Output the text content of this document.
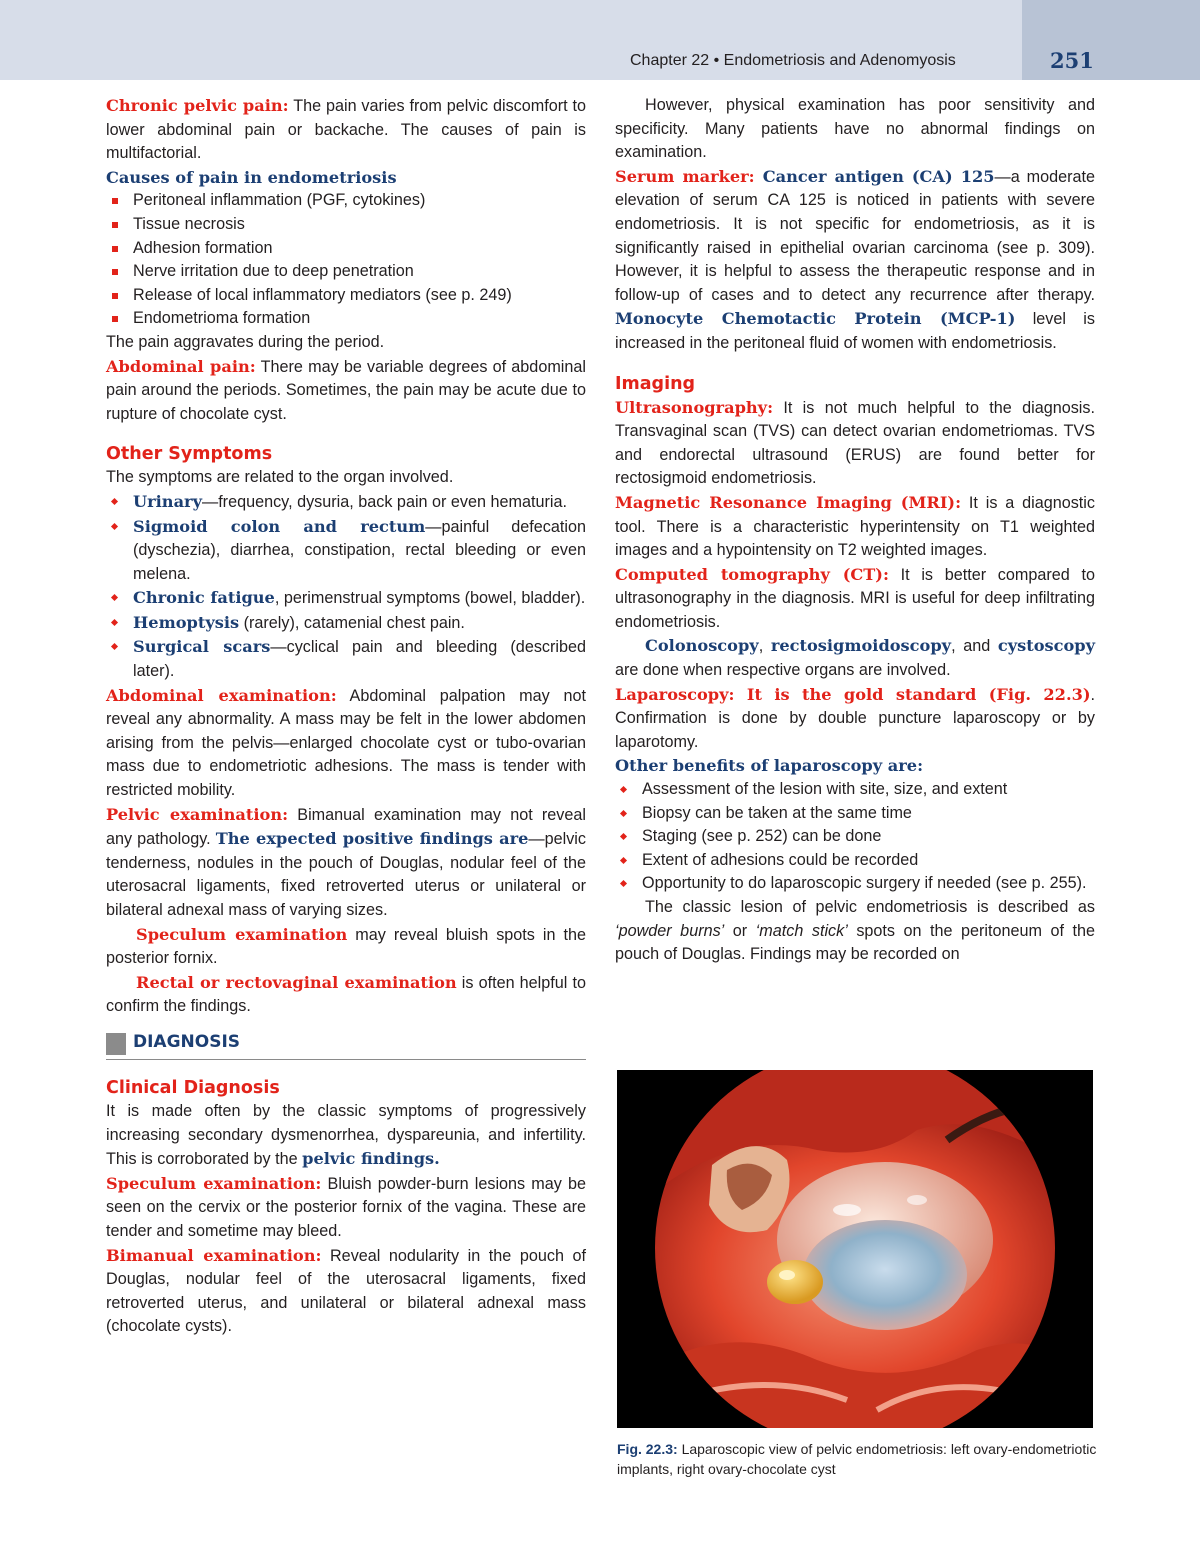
Chapter 22 • Endometriosis and Adenomyosis	251

Chronic pelvic pain: The pain varies from pelvic discomfort to lower abdominal pain or backache. The causes of pain is multifactorial.

Causes of pain in endometriosis

Peritoneal inflammation (PGF, cytokines)
Tissue necrosis
Adhesion formation
Nerve irritation due to deep penetration
Release of local inflammatory mediators (see p. 249)
Endometrioma formation

The pain aggravates during the period.

Abdominal pain: There may be variable degrees of abdominal pain around the periods. Sometimes, the pain may be acute due to rupture of chocolate cyst.

Other Symptoms

The symptoms are related to the organ involved.

Urinary—frequency, dysuria, back pain or even hematuria.
Sigmoid colon and rectum—painful defecation (dyschezia), diarrhea, constipation, rectal bleeding or even melena.
Chronic fatigue, perimenstrual symptoms (bowel, bladder).
Hemoptysis (rarely), catamenial chest pain.
Surgical scars—cyclical pain and bleeding (described later).

Abdominal examination: Abdominal palpation may not reveal any abnormality. A mass may be felt in the lower abdomen arising from the pelvis—enlarged chocolate cyst or tubo-ovarian mass due to endometriotic adhesions. The mass is tender with restricted mobility.

Pelvic examination: Bimanual examination may not reveal any pathology. The expected positive findings are—pelvic tenderness, nodules in the pouch of Douglas, nodular feel of the uterosacral ligaments, fixed retroverted uterus or unilateral or bilateral adnexal mass of varying sizes.

Speculum examination may reveal bluish spots in the posterior fornix.

Rectal or rectovaginal examination is often helpful to confirm the findings.

DIAGNOSIS

Clinical Diagnosis

It is made often by the classic symptoms of progressively increasing secondary dysmenorrhea, dyspareunia, and infertility. This is corroborated by the pelvic findings.

Speculum examination: Bluish powder-burn lesions may be seen on the cervix or the posterior fornix of the vagina. These are tender and sometime may bleed.

Bimanual examination: Reveal nodularity in the pouch of Douglas, nodular feel of the uterosacral ligaments, fixed retroverted uterus, and unilateral or bilateral adnexal mass (chocolate cysts).

However, physical examination has poor sensitivity and specificity. Many patients have no abnormal findings on examination.

Serum marker: Cancer antigen (CA) 125—a moderate elevation of serum CA 125 is noticed in patients with severe endometriosis. It is not specific for endometriosis, as it is significantly raised in epithelial ovarian carcinoma (see p. 309). However, it is helpful to assess the therapeutic response and in follow-up of cases and to detect any recurrence after therapy. Monocyte Chemotactic Protein (MCP-1) level is increased in the peritoneal fluid of women with endometriosis.

Imaging

Ultrasonography: It is not much helpful to the diagnosis. Transvaginal scan (TVS) can detect ovarian endometriomas. TVS and endorectal ultrasound (ERUS) are found better for rectosigmoid endometriosis.

Magnetic Resonance Imaging (MRI): It is a diagnostic tool. There is a characteristic hyperintensity on T1 weighted images and a hypointensity on T2 weighted images.

Computed tomography (CT): It is better compared to ultrasonography in the diagnosis. MRI is useful for deep infiltrating endometriosis.

Colonoscopy, rectosigmoidoscopy, and cystoscopy are done when respective organs are involved.

Laparoscopy: It is the gold standard (Fig. 22.3). Confirmation is done by double puncture laparoscopy or by laparotomy.

Other benefits of laparoscopy are:

Assessment of the lesion with site, size, and extent
Biopsy can be taken at the same time
Staging (see p. 252) can be done
Extent of adhesions could be recorded
Opportunity to do laparoscopic surgery if needed (see p. 255).

The classic lesion of pelvic endometriosis is described as ‘powder burns’ or ‘match stick’ spots on the peritoneum of the pouch of Douglas. Findings may be recorded on

Fig. 22.3: Laparoscopic view of pelvic endometriosis: left ovary-endometriotic implants, right ovary-chocolate cyst
